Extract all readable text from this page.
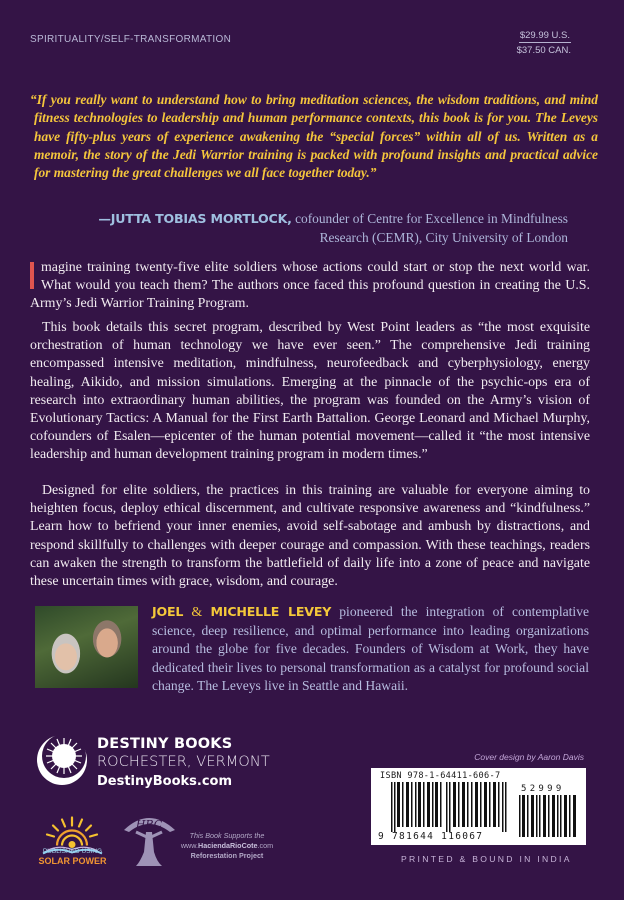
SPIRITUALITY/SELF-TRANSFORMATION	$29.99 U.S.
$37.50 CAN.
“If you really want to understand how to bring meditation sciences, the wisdom traditions, and mind fitness technologies to leadership and human performance contexts, this book is for you. The Leveys have fifty-plus years of experience awakening the “special forces” within all of us. Written as a memoir, the story of the Jedi Warrior training is packed with profound insights and practical advice for mastering the great challenges we all face together today.”
—JUTTA TOBIAS MORTLOCK, cofounder of Centre for Excellence in Mindfulness Research (CEMR), City University of London
magine training twenty-five elite soldiers whose actions could start or stop the next world war. What would you teach them? The authors once faced this profound question in creating the U.S. Army’s Jedi Warrior Training Program.
This book details this secret program, described by West Point leaders as “the most exquisite orchestration of human technology we have ever seen.” The comprehensive Jedi training encompassed intensive meditation, mindfulness, neurofeedback and cyberphysiology, energy healing, Aikido, and mission simulations. Emerging at the pinnacle of the psychic-ops era of research into extraordinary human abilities, the program was founded on the Army’s vision of Evolutionary Tactics: A Manual for the First Earth Battalion. George Leonard and Michael Murphy, cofounders of Esalen—epicenter of the human potential movement—called it “the most intensive leadership and human development training program in modern times.”
Designed for elite soldiers, the practices in this training are valuable for everyone aiming to heighten focus, deploy ethical discernment, and cultivate responsive awareness and “kindfulness.” Learn how to befriend your inner enemies, avoid self-sabotage and ambush by distractions, and respond skillfully to challenges with deeper courage and compassion. With these teachings, readers can awaken the strength to transform the battlefield of daily life into a zone of peace and navigate these uncertain times with grace, wisdom, and courage.
JOEL & MICHELLE LEVEY pioneered the integration of contemplative science, deep resilience, and optimal performance into leading organizations around the globe for five decades. Founders of Wisdom at Work, they have dedicated their lives to personal transformation as a catalyst for profound social change. The Leveys live in Seattle and Hawaii.
DESTINY BOOKS
ROCHESTER, VERMONT
DestinyBooks.com
PUBLISHED USING
SOLAR POWER
HRC
This Book Supports the
www.HaciendaRioCote.com
Reforestation Project
Cover design by Aaron Davis
ISBN 978-1-64411-606-7
9 781644 116067
52999
PRINTED & BOUND IN INDIA
